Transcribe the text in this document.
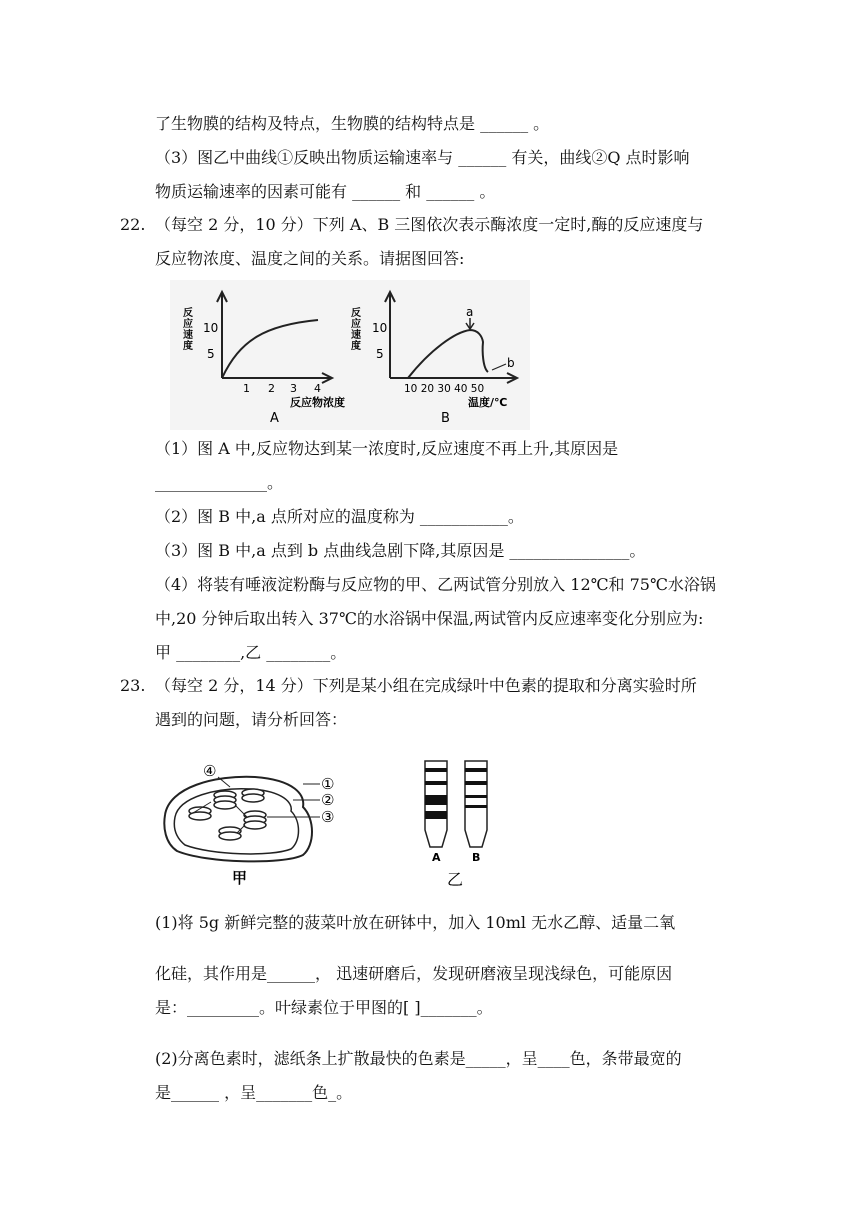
了生物膜的结构及特点，生物膜的结构特点是 ______ 。
（3）图乙中曲线①反映出物质运输速率与 ______ 有关，曲线②Q 点时影响
物质运输速率的因素可能有 ______ 和 ______ 。
22. （每空 2 分，10 分）下列 A、B 三图依次表示酶浓度一定时,酶的反应速度与
反应物浓度、温度之间的关系。请据图回答:
反
应
速
度
10
5
1 2 3 4
反应物浓度
A
a
b
反
应
速
度
10
5
10 20 30 40 50
温度/℃
B
（1）图 A 中,反应物达到某一浓度时,反应速度不再上升,其原因是
______________。
（2）图 B 中,a 点所对应的温度称为 ___________。
（3）图 B 中,a 点到 b 点曲线急剧下降,其原因是 _______________。
（4）将装有唾液淀粉酶与反应物的甲、乙两试管分别放入 12℃和 75℃水浴锅
中,20 分钟后取出转入 37℃的水浴锅中保温,两试管内反应速率变化分别应为:
甲 ________,乙 ________。
23. （每空 2 分，14 分）下列是某小组在完成绿叶中色素的提取和分离实验时所
遇到的问题，请分析回答：
④
①
②
③
甲
A	B
乙
(1)将 5g 新鲜完整的菠菜叶放在研钵中，加入 10ml 无水乙醇、适量二氧
化硅，其作用是______， 迅速研磨后，发现研磨液呈现浅绿色，可能原因
是：_________。叶绿素位于甲图的[ ]_______。
(2)分离色素时，滤纸条上扩散最快的色素是_____，呈____色，条带最宽的
是______ ，呈_______色_。
